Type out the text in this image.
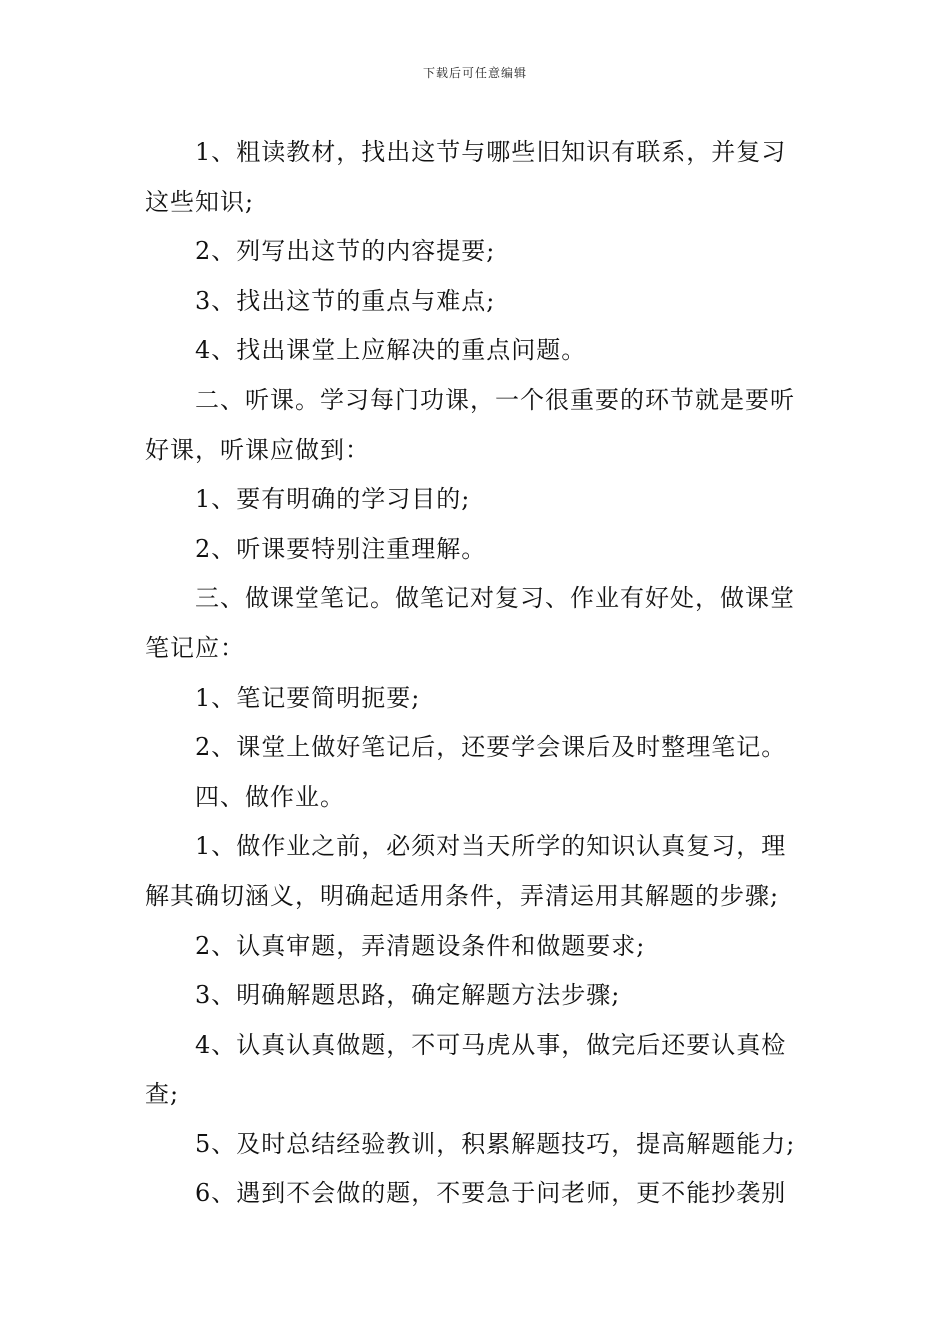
下载后可任意编辑

1、粗读教材，找出这节与哪些旧知识有联系，并复习这些知识;

2、列写出这节的内容提要;

3、找出这节的重点与难点;

4、找出课堂上应解决的重点问题。

二、听课。学习每门功课，一个很重要的环节就是要听好课，听课应做到：

1、要有明确的学习目的;

2、听课要特别注重理解。

三、做课堂笔记。做笔记对复习、作业有好处，做课堂笔记应：

1、笔记要简明扼要;

2、课堂上做好笔记后，还要学会课后及时整理笔记。

四、做作业。

1、做作业之前，必须对当天所学的知识认真复习，理解其确切涵义，明确起适用条件，弄清运用其解题的步骤;

2、认真审题，弄清题设条件和做题要求;

3、明确解题思路，确定解题方法步骤;

4、认真认真做题，不可马虎从事，做完后还要认真检查;

5、及时总结经验教训，积累解题技巧，提高解题能力;

6、遇到不会做的题，不要急于问老师，更不能抄袭别
